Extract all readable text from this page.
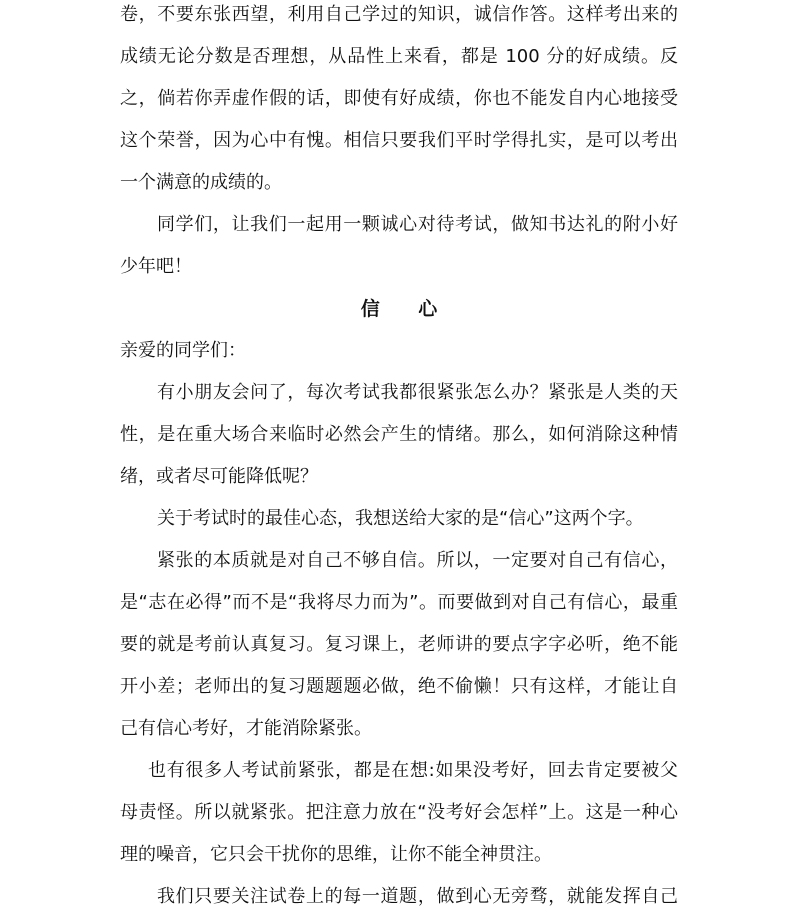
卷，不要东张西望，利用自己学过的知识，诚信作答。这样考出来的
成绩无论分数是否理想，从品性上来看，都是 100 分的好成绩。反
之，倘若你弄虚作假的话，即使有好成绩，你也不能发自内心地接受
这个荣誉，因为心中有愧。相信只要我们平时学得扎实，是可以考出
一个满意的成绩的。
同学们，让我们一起用一颗诚心对待考试，做知书达礼的附小好
少年吧！
信 心
亲爱的同学们：
有小朋友会问了，每次考试我都很紧张怎么办？紧张是人类的天
性，是在重大场合来临时必然会产生的情绪。那么，如何消除这种情
绪，或者尽可能降低呢？
关于考试时的最佳心态，我想送给大家的是“信心”这两个字。
紧张的本质就是对自己不够自信。所以，一定要对自己有信心，
是“志在必得”而不是“我将尽力而为”。而要做到对自己有信心，最重
要的就是考前认真复习。复习课上，老师讲的要点字字必听，绝不能
开小差；老师出的复习题题题必做，绝不偷懒！只有这样，才能让自
己有信心考好，才能消除紧张。
也有很多人考试前紧张，都是在想:如果没考好，回去肯定要被父
母责怪。所以就紧张。把注意力放在“没考好会怎样”上。这是一种心
理的噪音，它只会干扰你的思维，让你不能全神贯注。
我们只要关注试卷上的每一道题，做到心无旁骛，就能发挥自己
